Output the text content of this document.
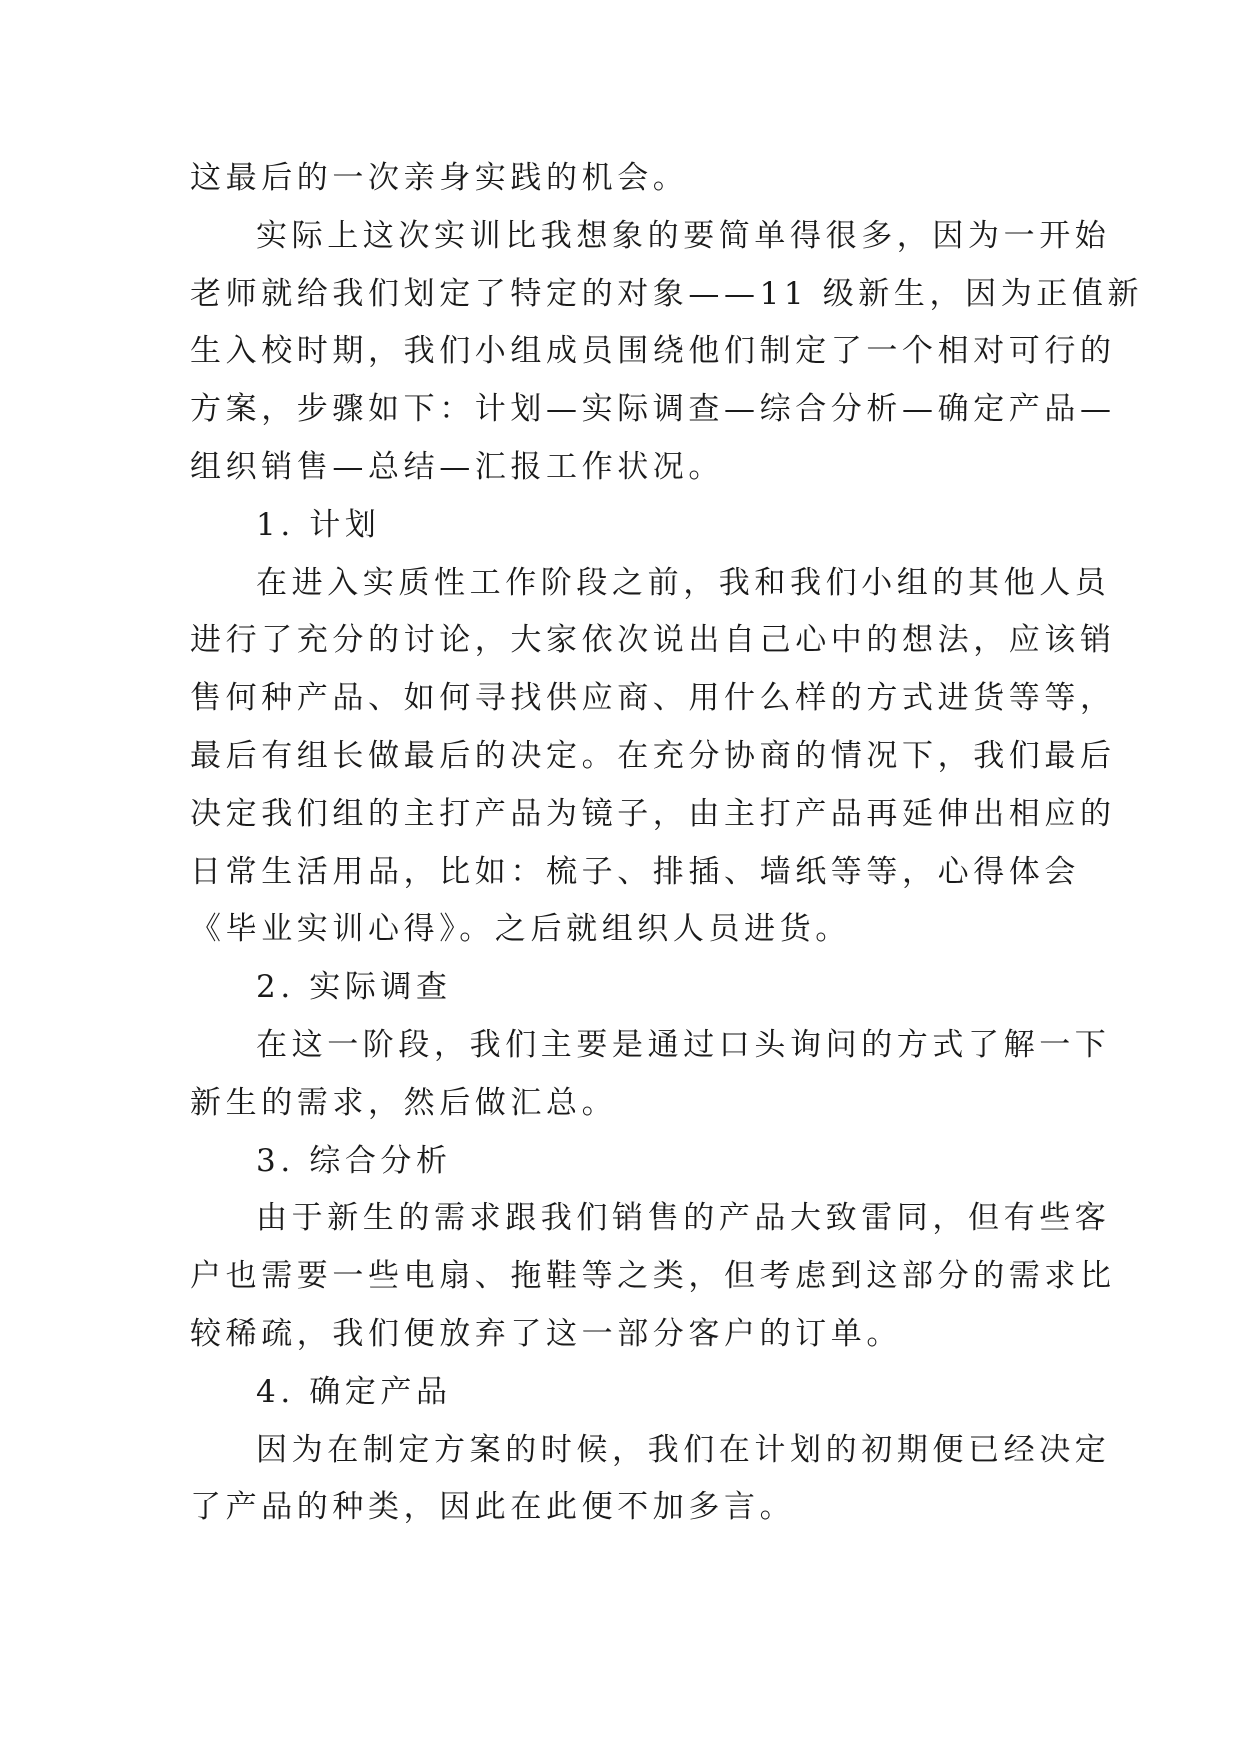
这最后的一次亲身实践的机会。

实际上这次实训比我想象的要简单得很多，因为一开始

老师就给我们划定了特定的对象——11 级新生，因为正值新

生入校时期，我们小组成员围绕他们制定了一个相对可行的

方案，步骤如下：计划—实际调查—综合分析—确定产品—

组织销售—总结—汇报工作状况。

1. 计划

在进入实质性工作阶段之前，我和我们小组的其他人员

进行了充分的讨论，大家依次说出自己心中的想法，应该销

售何种产品、如何寻找供应商、用什么样的方式进货等等，

最后有组长做最后的决定。在充分协商的情况下，我们最后

决定我们组的主打产品为镜子，由主打产品再延伸出相应的

日常生活用品，比如：梳子、排插、墙纸等等，心得体会

《毕业实训心得》。之后就组织人员进货。

2. 实际调查

在这一阶段，我们主要是通过口头询问的方式了解一下

新生的需求，然后做汇总。

3. 综合分析

由于新生的需求跟我们销售的产品大致雷同，但有些客

户也需要一些电扇、拖鞋等之类，但考虑到这部分的需求比

较稀疏，我们便放弃了这一部分客户的订单。

4. 确定产品

因为在制定方案的时候，我们在计划的初期便已经决定

了产品的种类，因此在此便不加多言。
